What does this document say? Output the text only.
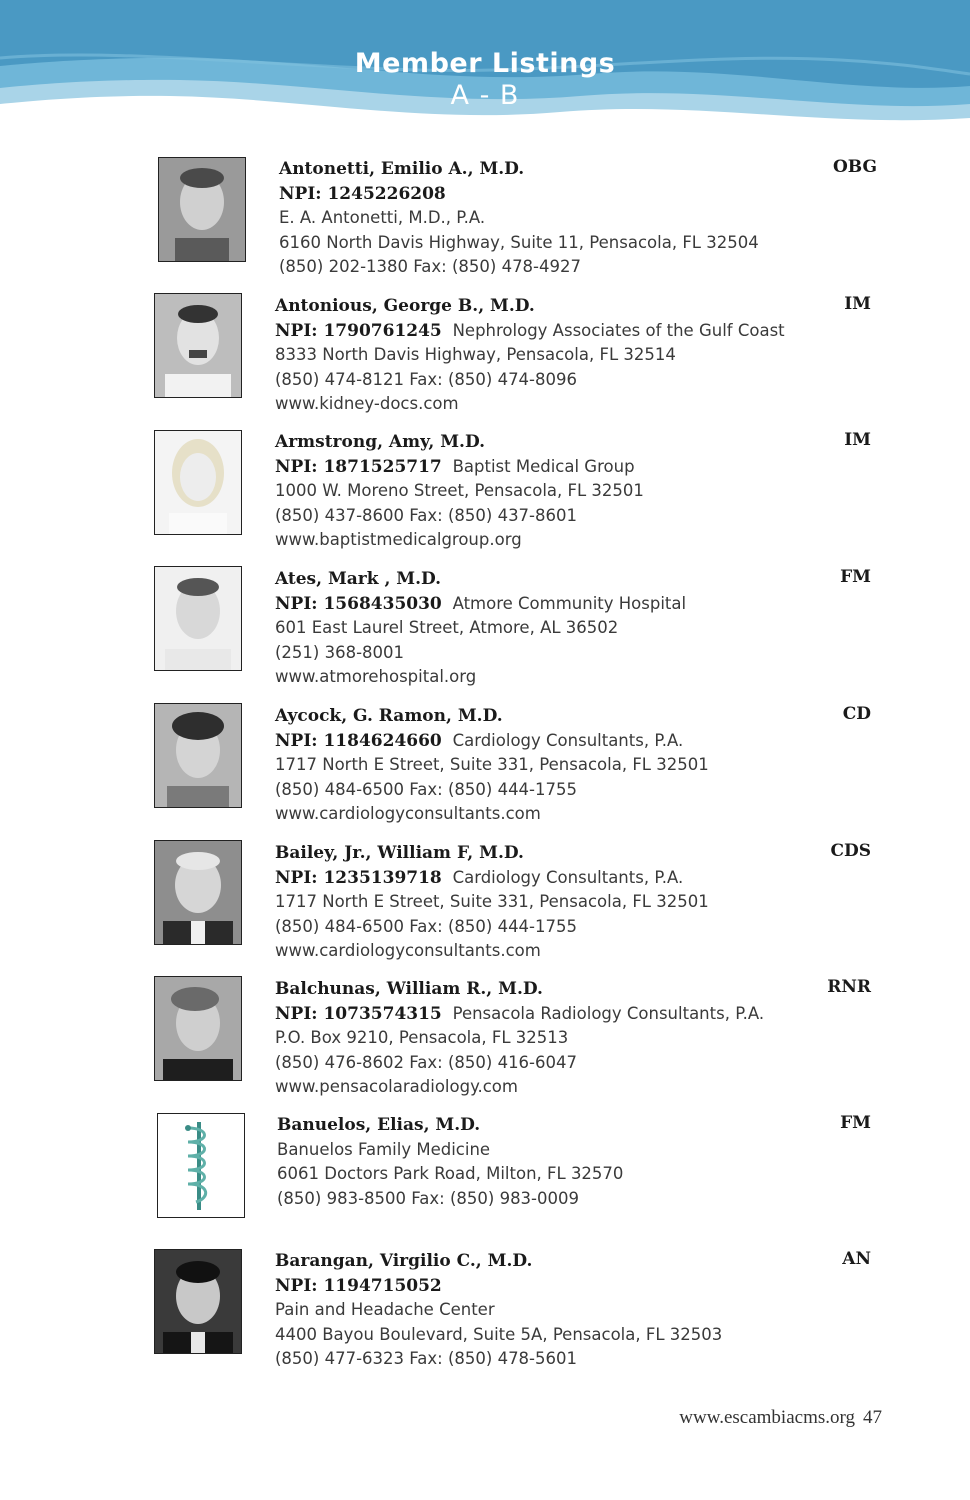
Member Listings
A - B
Antonetti, Emilio A., M.D.
NPI: 1245226208
E. A. Antonetti, M.D., P.A.
6160 North Davis Highway, Suite 11, Pensacola, FL 32504
(850) 202-1380 Fax: (850) 478-4927
OBG
Antonious, George B., M.D.
NPI: 1790761245 Nephrology Associates of the Gulf Coast
8333 North Davis Highway, Pensacola, FL 32514
(850) 474-8121 Fax: (850) 474-8096
www.kidney-docs.com
IM
Armstrong, Amy, M.D.
NPI: 1871525717 Baptist Medical Group
1000 W. Moreno Street, Pensacola, FL 32501
(850) 437-8600 Fax: (850) 437-8601
www.baptistmedicalgroup.org
IM
Ates, Mark , M.D.
NPI: 1568435030 Atmore Community Hospital
601 East Laurel Street, Atmore, AL 36502
(251) 368-8001
www.atmorehospital.org
FM
Aycock, G. Ramon, M.D.
NPI: 1184624660 Cardiology Consultants, P.A.
1717 North E Street, Suite 331, Pensacola, FL 32501
(850) 484-6500 Fax: (850) 444-1755
www.cardiologyconsultants.com
CD
Bailey, Jr., William F, M.D.
NPI: 1235139718 Cardiology Consultants, P.A.
1717 North E Street, Suite 331, Pensacola, FL 32501
(850) 484-6500 Fax: (850) 444-1755
www.cardiologyconsultants.com
CDS
Balchunas, William R., M.D.
NPI: 1073574315 Pensacola Radiology Consultants, P.A.
P.O. Box 9210, Pensacola, FL 32513
(850) 476-8602 Fax: (850) 416-6047
www.pensacolaradiology.com
RNR
Banuelos, Elias, M.D.
Banuelos Family Medicine
6061 Doctors Park Road, Milton, FL 32570
(850) 983-8500 Fax: (850) 983-0009
FM
Barangan, Virgilio C., M.D.
NPI: 1194715052
Pain and Headache Center
4400 Bayou Boulevard, Suite 5A, Pensacola, FL 32503
(850) 477-6323 Fax: (850) 478-5601
AN
www.escambiacms.org 47
